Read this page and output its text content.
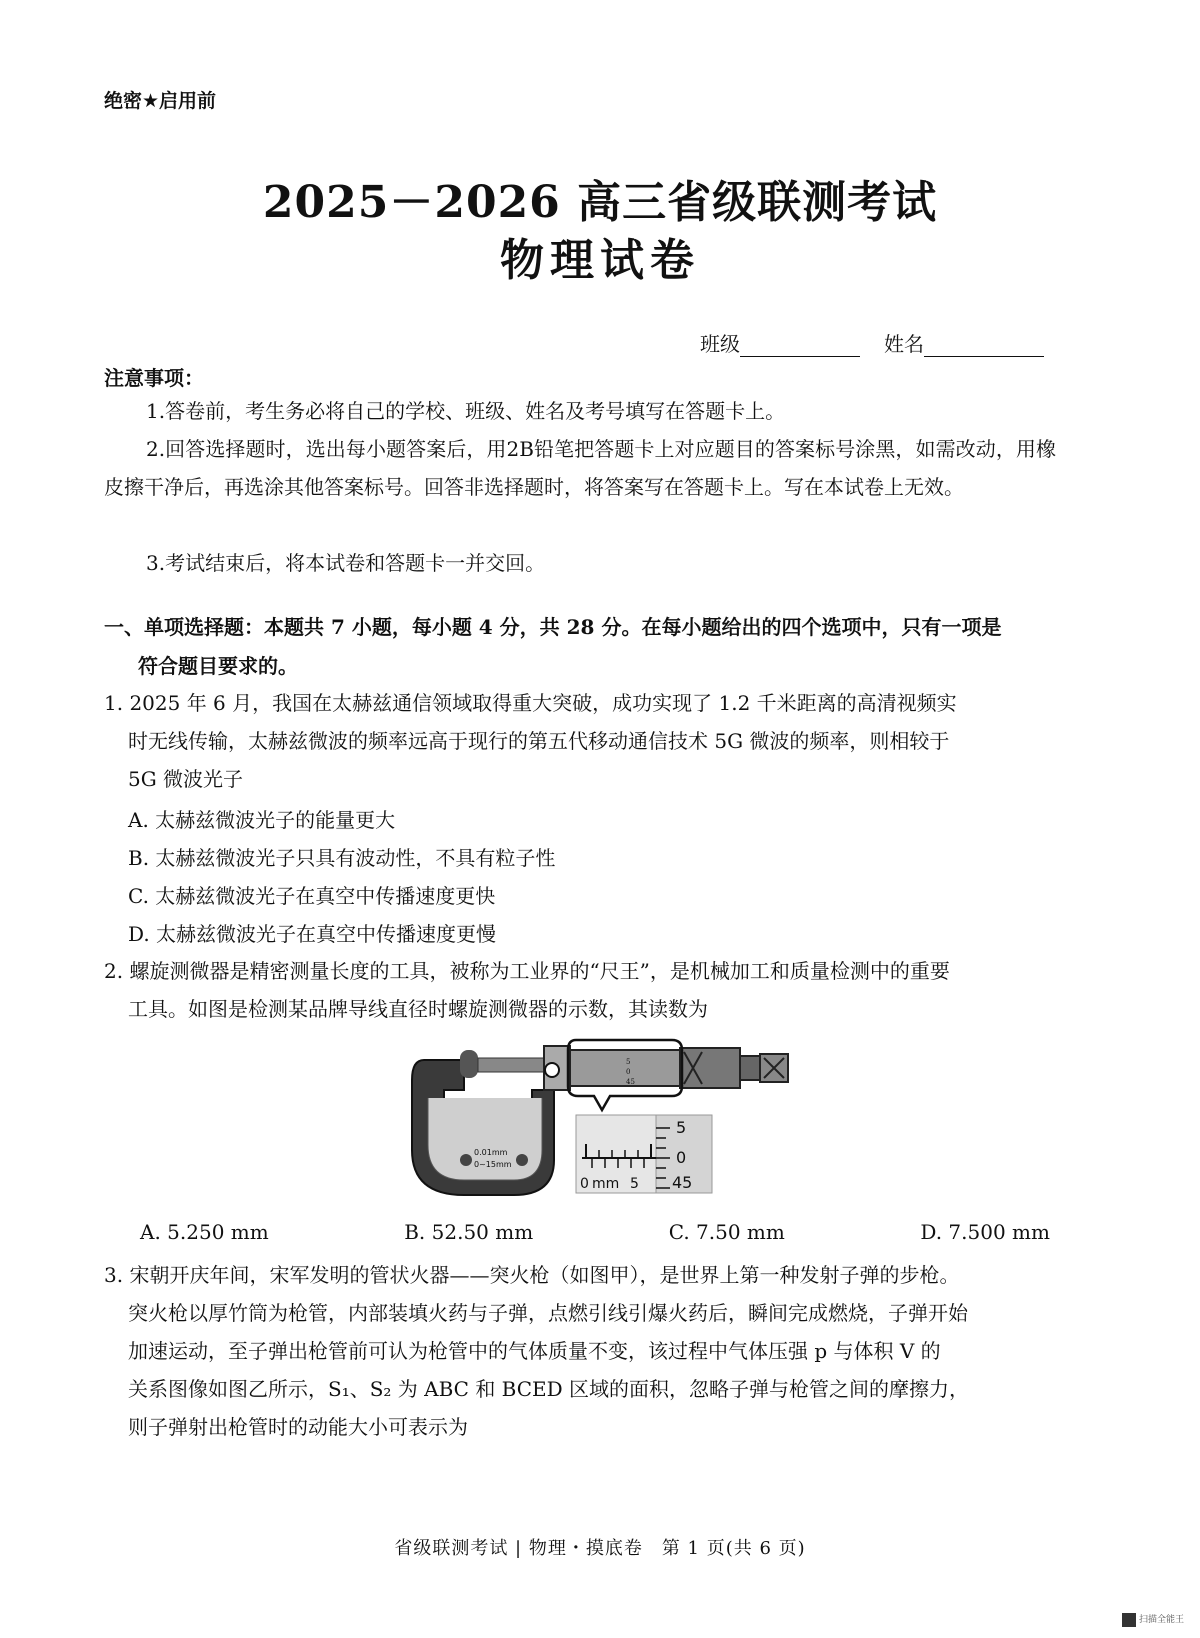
绝密★启用前
2025－2026 高三省级联测考试
物理试卷
班级	姓名
注意事项：
1.答卷前，考生务必将自己的学校、班级、姓名及考号填写在答题卡上。
2.回答选择题时，选出每小题答案后，用2B铅笔把答题卡上对应题目的答案标号涂黑，如需改动，用橡皮擦干净后，再选涂其他答案标号。回答非选择题时，将答案写在答题卡上。写在本试卷上无效。
3.考试结束后，将本试卷和答题卡一并交回。
一、单项选择题：本题共 7 小题，每小题 4 分，共 28 分。在每小题给出的四个选项中，只有一项是
符合题目要求的。
1. 2025 年 6 月，我国在太赫兹通信领域取得重大突破，成功实现了 1.2 千米距离的高清视频实
时无线传输，太赫兹微波的频率远高于现行的第五代移动通信技术 5G 微波的频率，则相较于
5G 微波光子
A. 太赫兹微波光子的能量更大
B. 太赫兹微波光子只具有波动性，不具有粒子性
C. 太赫兹微波光子在真空中传播速度更快
D. 太赫兹微波光子在真空中传播速度更慢
2. 螺旋测微器是精密测量长度的工具，被称为工业界的“尺王”，是机械加工和质量检测中的重要
工具。如图是检测某品牌导线直径时螺旋测微器的示数，其读数为
0.01mm
0~15mm
5
0
45
5
0
45
0 mm 5
A. 5.250 mm	B. 52.50 mm	C. 7.50 mm	D. 7.500 mm
3. 宋朝开庆年间，宋军发明的管状火器——突火枪（如图甲），是世界上第一种发射子弹的步枪。
突火枪以厚竹筒为枪管，内部装填火药与子弹，点燃引线引爆火药后，瞬间完成燃烧，子弹开始
加速运动，至子弹出枪管前可认为枪管中的气体质量不变，该过程中气体压强 p 与体积 V 的
关系图像如图乙所示，S₁、S₂ 为 ABC 和 BCED 区域的面积，忽略子弹与枪管之间的摩擦力，
则子弹射出枪管时的动能大小可表示为
省级联测考试 | 物理・摸底卷　第 1 页(共 6 页)
扫描全能王
